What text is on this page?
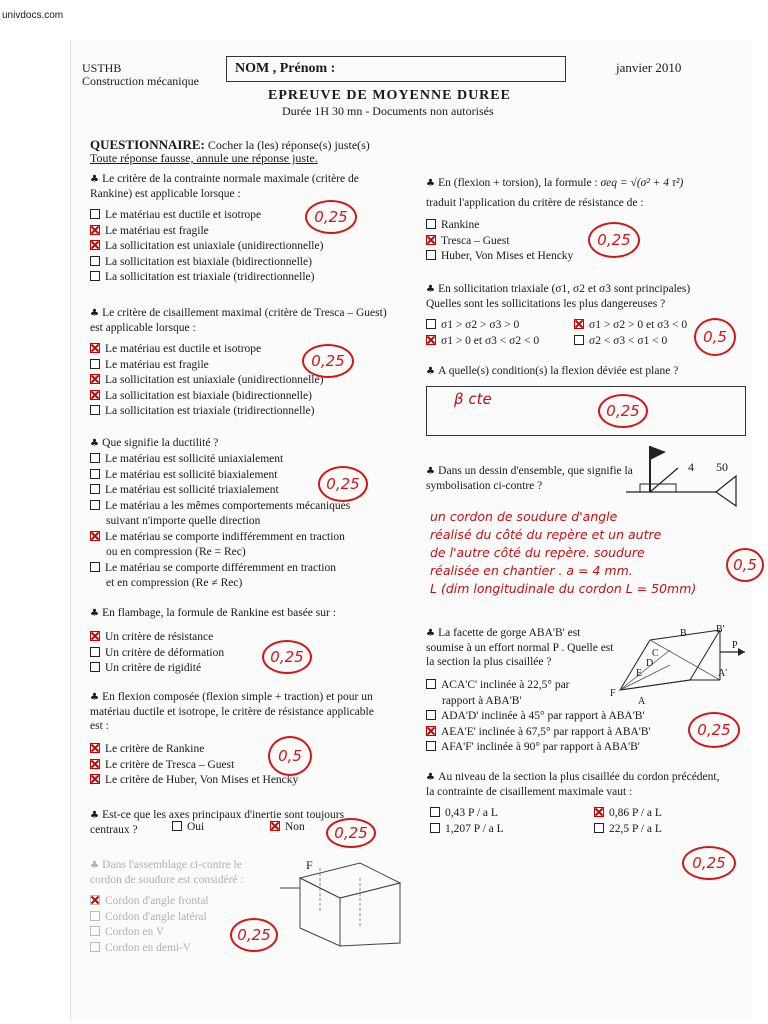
univdocs.com
USTHB
Construction mécanique
NOM , Prénom :	janvier 2010
EPREUVE DE MOYENNE DUREE
Durée 1H 30 mn - Documents non autorisés
QUESTIONNAIRE: Cocher la (les) réponse(s) juste(s)
Toute réponse fausse, annule une réponse juste.
♣ Le critère de la contrainte normale maximale (critère de Rankine) est applicable lorsque :
Le matériau est ductile et isotrope
Le matériau est fragile
La sollicitation est uniaxiale (unidirectionnelle)
La sollicitation est biaxiale (bidirectionnelle)
La sollicitation est triaxiale (tridirectionnelle)
0,25
♣ Le critère de cisaillement maximal (critère de Tresca – Guest) est applicable lorsque :
Le matériau est ductile et isotrope
Le matériau est fragile
La sollicitation est uniaxiale (unidirectionnelle)
La sollicitation est biaxiale (bidirectionnelle)
La sollicitation est triaxiale (tridirectionnelle)
0,25
♣ Que signifie la ductilité ?
Le matériau est sollicité uniaxialement
Le matériau est sollicité biaxialement
Le matériau est sollicité triaxialement
Le matériau a les mêmes comportements mécaniques
suivant n'importe quelle direction
Le matériau se comporte indifféremment en traction
ou en compression (Re = Rec)
Le matériau se comporte différemment en traction
et en compression (Re ≠ Rec)
0,25
♣ En flambage, la formule de Rankine est basée sur :
Un critère de résistance
Un critère de déformation
Un critère de rigidité
0,25
♣ En flexion composée (flexion simple + traction) et pour un matériau ductile et isotrope, le critère de résistance applicable est :
Le critère de Rankine
Le critère de Tresca – Guest
Le critère de Huber, Von Mises et Hencky
0,5
♣ Est-ce que les axes principaux d'inertie sont toujours centraux ?	Oui	Non	0,25
♣ Dans l'assemblage ci-contre le cordon de soudure est considéré :
Cordon d'angle frontal
Cordon d'angle latéral
Cordon en V
Cordon en demi-V
0,25
F
♣ En (flexion + torsion), la formule : σeq = √(σ² + 4 τ²)
traduit l'application du critère de résistance de :
Rankine
Tresca – Guest
Huber, Von Mises et Hencky
0,25
♣ En sollicitation triaxiale (σ1, σ2 et σ3 sont principales) Quelles sont les sollicitations les plus dangereuses ?
σ1 > σ2 > σ3 > 0	σ1 > σ2 > 0 et σ3 < 0
σ1 > 0 et σ3 < σ2 < 0	σ2 < σ3 < σ1 < 0	0,5
♣ A quelle(s) condition(s) la flexion déviée est plane ?
β cte
0,25
♣ Dans un dessin d'ensemble, que signifie la symbolisation ci-contre ?
4 50
un cordon de soudure d'angle
réalisé du côté du repère et un autre
de l'autre côté du repère. soudure
réalisée en chantier . a = 4 mm.
L (dim longitudinale du cordon L = 50mm)
0,5
♣ La facette de gorge ABA'B' est soumise à un effort normal P . Quelle est la section la plus cisaillée ?
B	B'
C
D
E
P
A'
F
A
ACA'C' inclinée à 22,5° par
rapport à ABA'B'
ADA'D' inclinée à 45° par rapport à ABA'B'
AEA'E' inclinée à 67,5° par rapport à ABA'B'
AFA'F' inclinée à 90° par rapport à ABA'B'
0,25
♣ Au niveau de la section la plus cisaillée du cordon précédent, la contrainte de cisaillement maximale vaut :
0,43 P / a L	0,86 P / a L
1,207 P / a L	22,5 P / a L
0,25
